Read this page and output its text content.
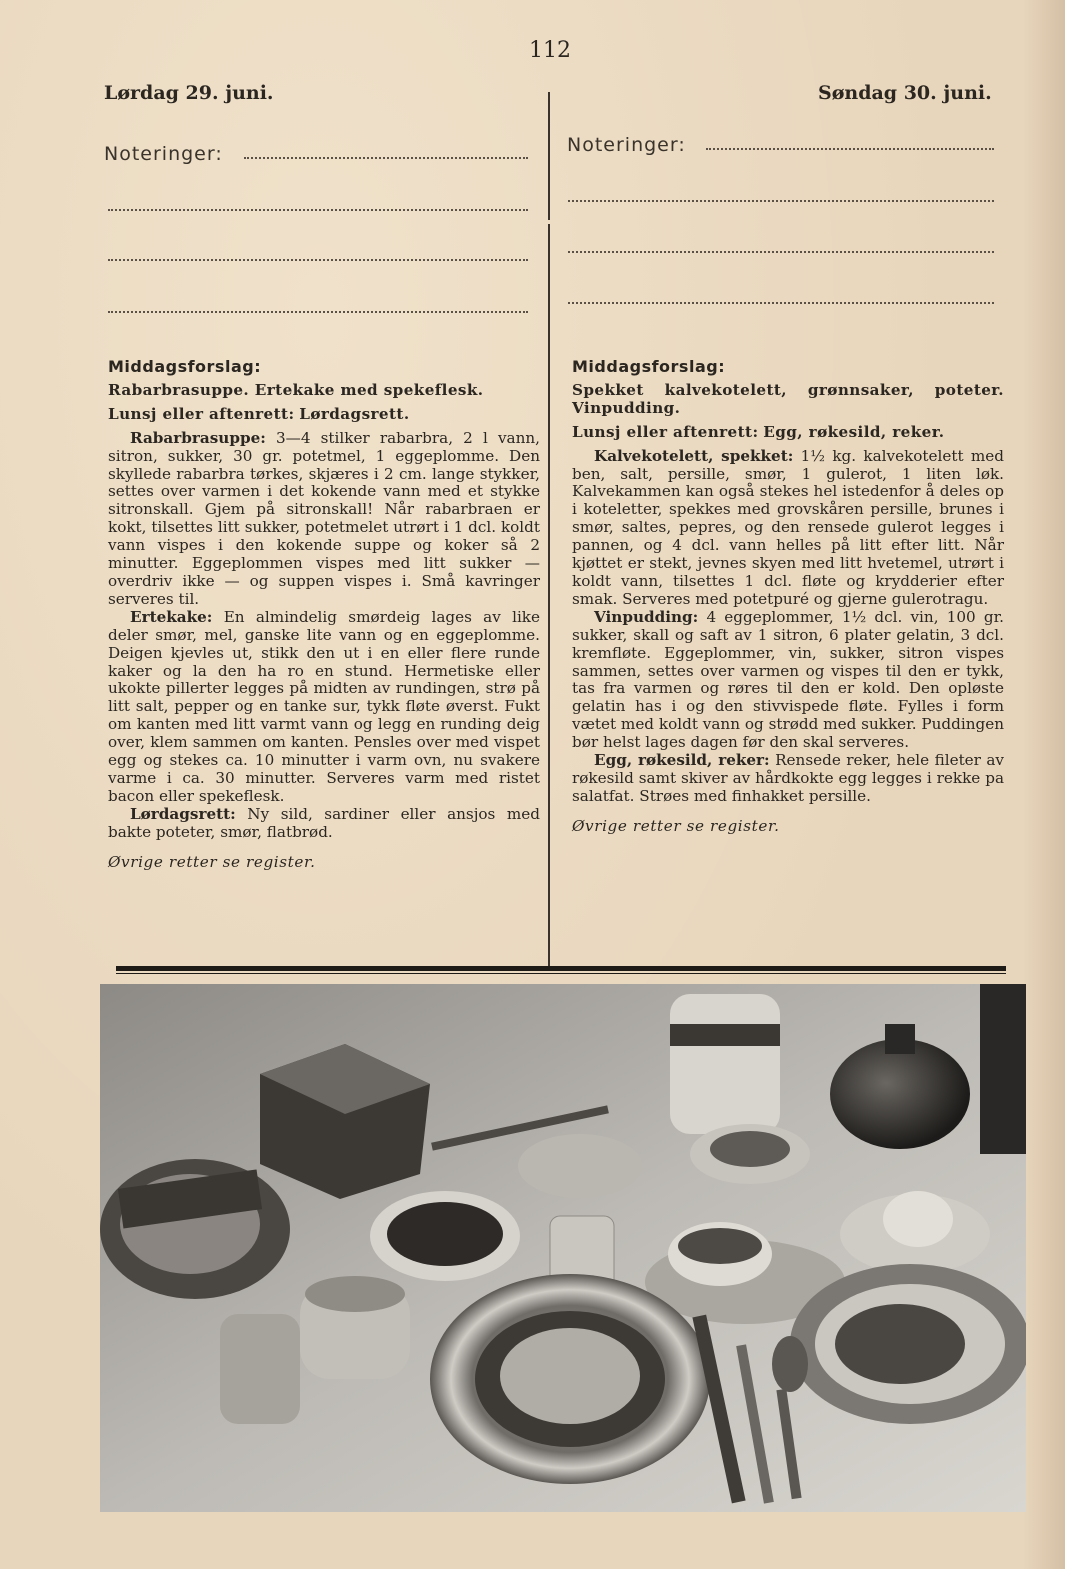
112
Lørdag 29. juni.	Søndag 30. juni.
Noteringer:	Noteringer:

Middagsforslag:

Rabarbrasuppe. Ertekake med spekeflesk.

Lunsj eller aftenrett: Lørdagsrett.

Rabarbrasuppe: 3—4 stilker rabarbra, 2 l vann, sitron, sukker, 30 gr. potetmel, 1 eggeplomme. Den skyllede rabarbra tørkes, skjæres i 2 cm. lange stykker, settes over varmen i det kokende vann med et stykke sitronskall. Gjem på sitronskall! Når rabarbraen er kokt, tilsettes litt sukker, potetmelet utrørt i 1 dcl. koldt vann vispes i den kokende suppe og koker så 2 minutter. Eggeplommen vispes med litt sukker — overdriv ikke — og suppen vispes i. Små kavringer serveres til.

Ertekake: En almindelig smørdeig lages av like deler smør, mel, ganske lite vann og en eggeplomme. Deigen kjevles ut, stikk den ut i en eller flere runde kaker og la den ha ro en stund. Hermetiske eller ukokte pillerter legges på midten av rundingen, strø på litt salt, pepper og en tanke sur, tykk fløte øverst. Fukt om kanten med litt varmt vann og legg en runding deig over, klem sammen om kanten. Pensles over med vispet egg og stekes ca. 10 minutter i varm ovn, nu svakere varme i ca. 30 minutter. Serveres varm med ristet bacon eller spekeflesk.

Lørdagsrett: Ny sild, sardiner eller ansjos med bakte poteter, smør, flatbrød.

Øvrige retter se register.

Middagsforslag:

Spekket kalvekotelett, grønnsaker, poteter. Vinpudding.

Lunsj eller aftenrett: Egg, røkesild, reker.

Kalvekotelett, spekket: 1½ kg. kalvekotelett med ben, salt, persille, smør, 1 gulerot, 1 liten løk. Kalvekammen kan også stekes hel istedenfor å deles op i koteletter, spekkes med grovskåren persille, brunes i smør, saltes, pepres, og den rensede gulerot legges i pannen, og 4 dcl. vann helles på litt efter litt. Når kjøttet er stekt, jevnes skyen med litt hvetemel, utrørt i koldt vann, tilsettes 1 dcl. fløte og krydderier efter smak. Serveres med potetpuré og gjerne gulerotragu.

Vinpudding: 4 eggeplommer, 1½ dcl. vin, 100 gr. sukker, skall og saft av 1 sitron, 6 plater gelatin, 3 dcl. kremfløte. Eggeplommer, vin, sukker, sitron vispes sammen, settes over varmen og vispes til den er tykk, tas fra varmen og røres til den er kold. Den opløste gelatin has i og den stivvispede fløte. Fylles i form vætet med koldt vann og strødd med sukker. Puddingen bør helst lages dagen før den skal serveres.

Egg, røkesild, reker: Rensede reker, hele fileter av røkesild samt skiver av hårdkokte egg legges i rekke pa salatfat. Strøes med finhakket persille.

Øvrige retter se register.
